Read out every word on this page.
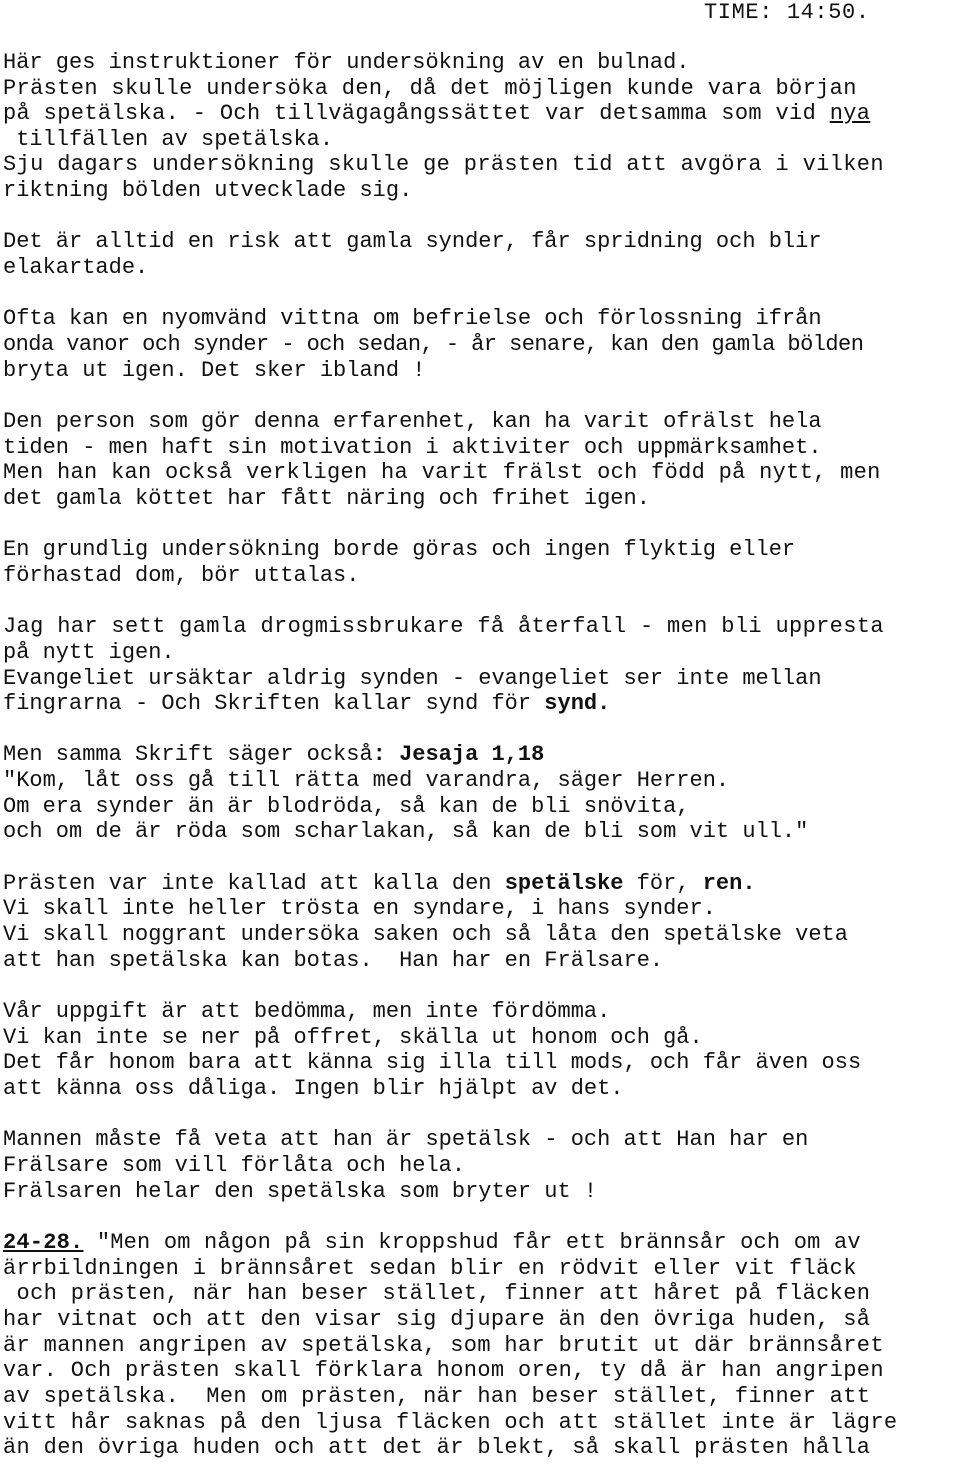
TIME: 14:50.
Här ges instruktioner för undersökning av en bulnad.
Prästen skulle undersöka den, då det möjligen kunde vara början
på spetälska. - Och tillvägagångssättet var detsamma som vid nya
tillfällen av spetälska.
Sju dagars undersökning skulle ge prästen tid att avgöra i vilken
riktning bölden utvecklade sig.
Det är alltid en risk att gamla synder, får spridning och blir
elakartade.
Ofta kan en nyomvänd vittna om befrielse och förlossning ifrån
onda vanor och synder - och sedan, - år senare, kan den gamla bölden
bryta ut igen. Det sker ibland !
Den person som gör denna erfarenhet, kan ha varit ofrälst hela
tiden - men haft sin motivation i aktiviter och uppmärksamhet.
Men han kan också verkligen ha varit frälst och född på nytt, men
det gamla köttet har fått näring och frihet igen.
En grundlig undersökning borde göras och ingen flyktig eller
förhastad dom, bör uttalas.
Jag har sett gamla drogmissbrukare få återfall - men bli uppresta
på nytt igen.
Evangeliet ursäktar aldrig synden - evangeliet ser inte mellan
fingrarna - Och Skriften kallar synd för synd.
Men samma Skrift säger också: Jesaja 1,18
"Kom, låt oss gå till rätta med varandra, säger Herren.
Om era synder än är blodröda, så kan de bli snövita,
och om de är röda som scharlakan, så kan de bli som vit ull."
Prästen var inte kallad att kalla den spetälske för, ren.
Vi skall inte heller trösta en syndare, i hans synder.
Vi skall noggrant undersöka saken och så låta den spetälske veta
att han spetälska kan botas.  Han har en Frälsare.
Vår uppgift är att bedömma, men inte fördömma.
Vi kan inte se ner på offret, skälla ut honom och gå.
Det får honom bara att känna sig illa till mods, och får även oss
att känna oss dåliga. Ingen blir hjälpt av det.
Mannen måste få veta att han är spetälsk - och att Han har en
Frälsare som vill förlåta och hela.
Frälsaren helar den spetälska som bryter ut !
24-28. "Men om någon på sin kroppshud får ett brännsår och om av
ärrbildningen i brännsåret sedan blir en rödvit eller vit fläck
och prästen, när han beser stället, finner att håret på fläcken
har vitnat och att den visar sig djupare än den övriga huden, så
är mannen angripen av spetälska, som har brutit ut där brännsåret
var. Och prästen skall förklara honom oren, ty då är han angripen
av spetälska.  Men om prästen, när han beser stället, finner att
vitt hår saknas på den ljusa fläcken och att stället inte är lägre
än den övriga huden och att det är blekt, så skall prästen hålla
